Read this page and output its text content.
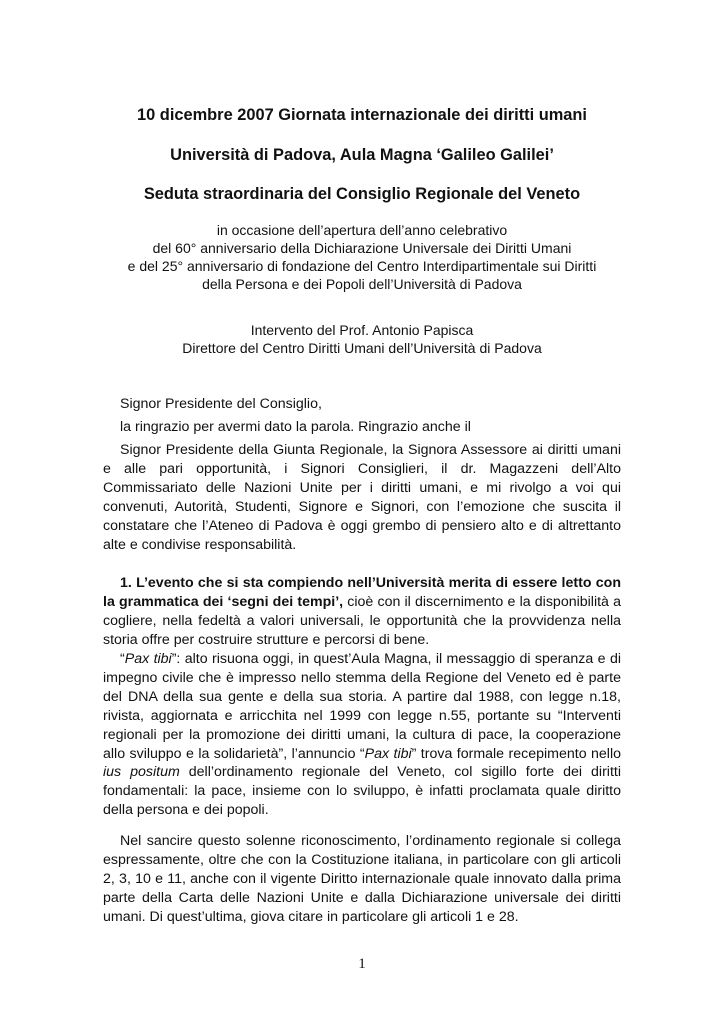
10 dicembre 2007 Giornata internazionale dei diritti umani
Università di Padova, Aula Magna ‘Galileo Galilei’
Seduta straordinaria del Consiglio Regionale del Veneto
in occasione dell’apertura dell’anno celebrativo
del 60° anniversario della Dichiarazione Universale dei Diritti Umani
e del 25° anniversario di fondazione del Centro Interdipartimentale sui Diritti
della Persona e dei Popoli dell’Università di Padova
Intervento del Prof. Antonio Papisca
Direttore del Centro Diritti Umani dell’Università di Padova
Signor Presidente del Consiglio,
la ringrazio per avermi dato la parola. Ringrazio anche il
Signor Presidente della Giunta Regionale, la Signora Assessore ai diritti umani e alle pari opportunità, i Signori Consiglieri, il dr. Magazzeni dell’Alto Commissariato delle Nazioni Unite per i diritti umani, e mi rivolgo a voi qui convenuti, Autorità, Studenti, Signore e Signori, con l’emozione che suscita il constatare che l’Ateneo di Padova è oggi grembo di pensiero alto e di altrettanto alte e condivise responsabilità.
1. L’evento che si sta compiendo nell’Università merita di essere letto con la grammatica dei ‘segni dei tempi’, cioè con il discernimento e la disponibilità a cogliere, nella fedeltà a valori universali, le opportunità che la provvidenza nella storia offre per costruire strutture e percorsi di bene.
“Pax tibi”: alto risuona oggi, in quest’Aula Magna, il messaggio di speranza e di impegno civile che è impresso nello stemma della Regione del Veneto ed è parte del DNA della sua gente e della sua storia. A partire dal 1988, con legge n.18, rivista, aggiornata e arricchita nel 1999 con legge n.55, portante su “Interventi regionali per la promozione dei diritti umani, la cultura di pace, la cooperazione allo sviluppo e la solidarietà”, l’annuncio “Pax tibi” trova formale recepimento nello ius positum dell’ordinamento regionale del Veneto, col sigillo forte dei diritti fondamentali: la pace, insieme con lo sviluppo, è infatti proclamata quale diritto della persona e dei popoli.
Nel sancire questo solenne riconoscimento, l’ordinamento regionale si collega espressamente, oltre che con la Costituzione italiana, in particolare con gli articoli 2, 3, 10 e 11, anche con il vigente Diritto internazionale quale innovato dalla prima parte della Carta delle Nazioni Unite e dalla Dichiarazione universale dei diritti umani. Di quest’ultima, giova citare in particolare gli articoli 1 e 28.
1
